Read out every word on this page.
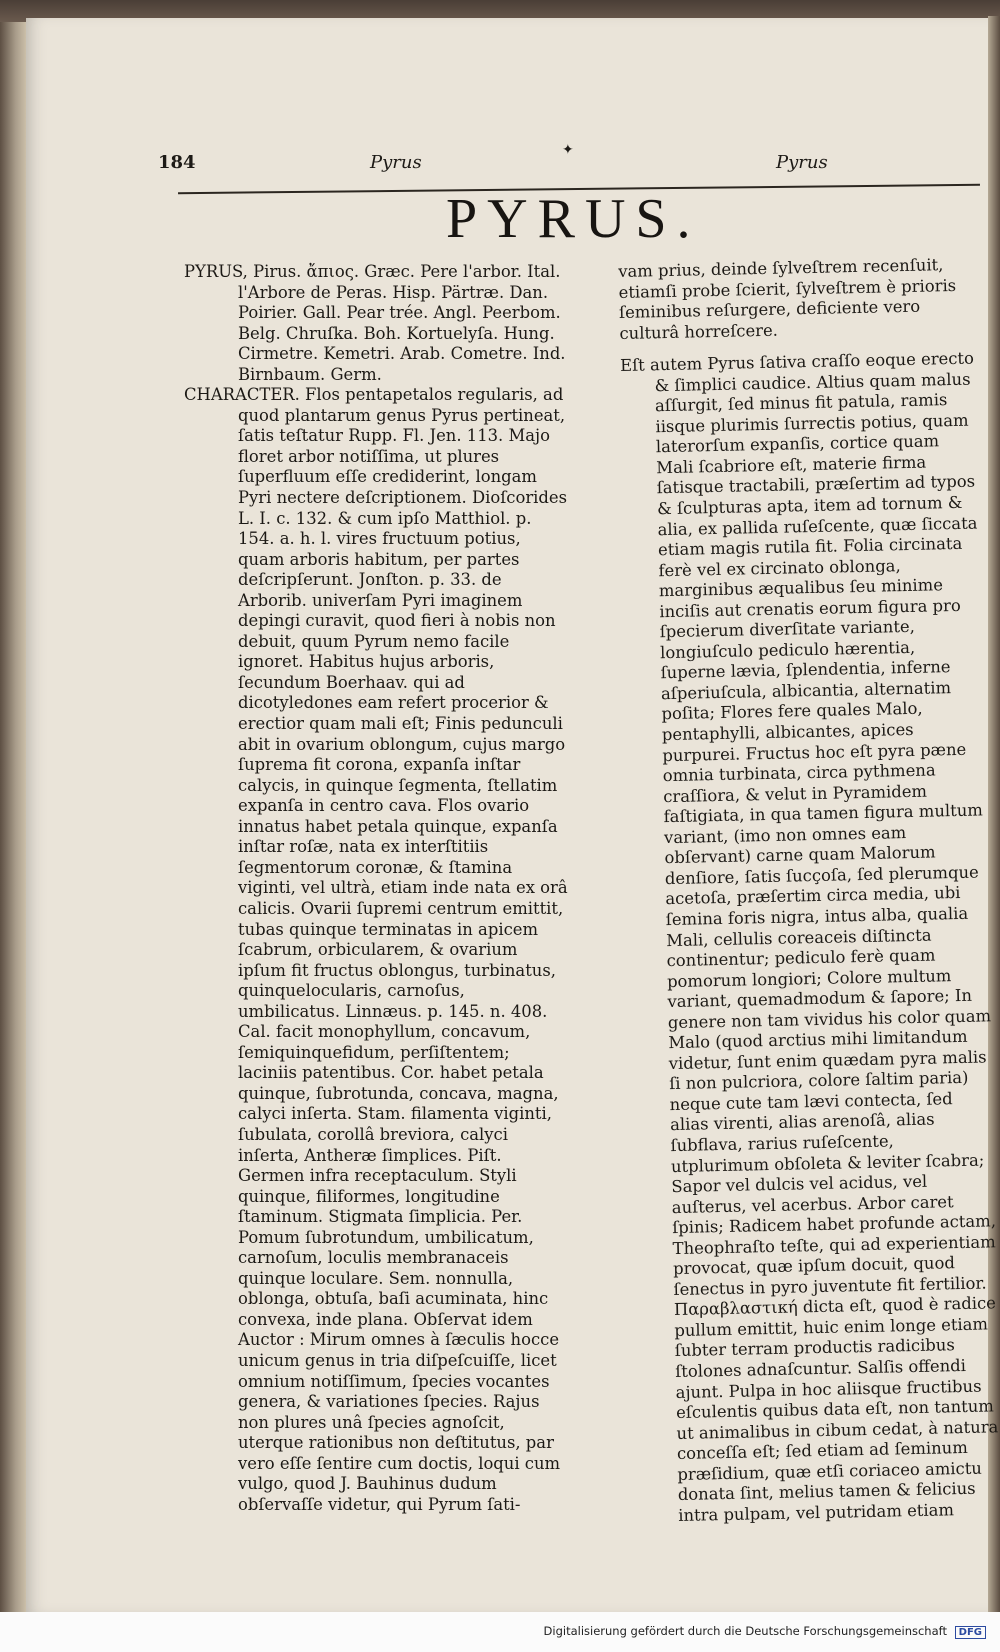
184	Pyrus
✦
Pyrus
PYRUS.

PYRUS, Pirus. ἄπιος. Græc. Pere l'arbor. Ital. l'Arbore de Peras. Hisp. Pärtræ. Dan. Poirier. Gall. Pear trée. Angl. Peerbom. Belg. Chruſka. Boh. Kortuelyſa. Hung. Cirmetre. Kemetri. Arab. Cometre. Ind. Birnbaum. Germ.

CHARACTER. Flos pentapetalos regularis, ad quod plantarum genus Pyrus pertineat, ſatis teſtatur Rupp. Fl. Jen. 113. Majo floret arbor notiſſima, ut plures ſuperfluum eſſe crediderint, longam Pyri nectere deſcriptionem. Dioſcorides L. I. c. 132. & cum ipſo Matthiol. p. 154. a. h. l. vires fructuum potius, quam arboris habitum, per partes deſcripſerunt. Jonſton. p. 33. de Arborib. univerſam Pyri imaginem depingi curavit, quod fieri à nobis non debuit, quum Pyrum nemo facile ignoret. Habitus hujus arboris, ſecundum Boerhaav. qui ad dicotyledones eam refert procerior & erectior quam mali eſt; Finis pedunculi abit in ovarium oblongum, cujus margo ſuprema fit corona, expanſa inſtar calycis, in quinque ſegmenta, ſtellatim expanſa in centro cava. Flos ovario innatus habet petala quinque, expanſa inſtar roſæ, nata ex interſtitiis ſegmentorum coronæ, & ſtamina viginti, vel ultrà, etiam inde nata ex orâ calicis. Ovarii ſupremi centrum emittit, tubas quinque terminatas in apicem ſcabrum, orbicularem, & ovarium ipſum fit fructus oblongus, turbinatus, quinquelocularis, carnoſus, umbilicatus. Linnæus. p. 145. n. 408. Cal. facit monophyllum, concavum, ſemiquinquefidum, perſiſtentem; laciniis patentibus. Cor. habet petala quinque, ſubrotunda, concava, magna, calyci inſerta. Stam. filamenta viginti, ſubulata, corollâ breviora, calyci inſerta, Antheræ ſimplices. Piſt. Germen infra receptaculum. Styli quinque, filiformes, longitudine ſtaminum. Stigmata ſimplicia. Per. Pomum ſubrotundum, umbilicatum, carnoſum, loculis membranaceis quinque loculare. Sem. nonnulla, oblonga, obtuſa, baſi acuminata, hinc convexa, inde plana. Obſervat idem Auctor : Mirum omnes à ſæculis hocce unicum genus in tria diſpeſcuiſſe, licet omnium notiſſimum, ſpecies vocantes genera, & variationes ſpecies. Rajus non plures unâ ſpecies agnoſcit, uterque rationibus non deſtitutus, par vero eſſe ſentire cum doctis, loqui cum vulgo, quod J. Bauhinus dudum obſervaſſe videtur, qui Pyrum ſati-

vam prius, deinde ſylveſtrem recenſuit, etiamſi probe ſcierit, ſylveſtrem è prioris ſeminibus reſurgere, deficiente vero culturâ horreſcere.

Eſt autem Pyrus ſativa craſſo eoque erecto & ſimplici caudice. Altius quam malus aſſurgit, ſed minus fit patula, ramis iisque plurimis ſurrectis potius, quam laterorſum expanſis, cortice quam Mali ſcabriore eſt, materie firma ſatisque tractabili, præſertim ad typos & ſculpturas apta, item ad tornum & alia, ex pallida ruſeſcente, quæ ſiccata etiam magis rutila fit. Folia circinata ferè vel ex circinato oblonga, marginibus æqualibus ſeu minime inciſis aut crenatis eorum figura pro ſpecierum diverſitate variante, longiuſculo pediculo hærentia, ſuperne lævia, ſplendentia, inferne aſperiuſcula, albicantia, alternatim poſita; Flores fere quales Malo, pentaphylli, albicantes, apices purpurei. Fructus hoc eſt pyra pæne omnia turbinata, circa pythmena craſſiora, & velut in Pyramidem faſtigiata, in qua tamen figura multum variant, (imo non omnes eam obſervant) carne quam Malorum denſiore, ſatis ſucçoſa, ſed plerumque acetoſa, præſertim circa media, ubi ſemina foris nigra, intus alba, qualia Mali, cellulis coreaceis diſtincta continentur; pediculo ferè quam pomorum longiori; Colore multum variant, quemadmodum & ſapore; In genere non tam vividus his color quam Malo (quod arctius mihi limitandum videtur, ſunt enim quædam pyra malis ſi non pulcriora, colore ſaltim paria) neque cute tam lævi contecta, ſed alias virenti, alias arenoſâ, alias ſubflava, rarius ruſeſcente, utplurimum obſoleta & leviter ſcabra; Sapor vel dulcis vel acidus, vel auſterus, vel acerbus. Arbor caret ſpinis; Radicem habet profunde actam, Theophraſto teſte, qui ad experientiam provocat, quæ ipſum docuit, quod ſenectus in pyro juventute fit fertilior. Παραβλαστική dicta eſt, quod è radice pullum emittit, huic enim longe etiam ſubter terram productis radicibus ſtolones adnaſcuntur. Salſis offendi ajunt. Pulpa in hoc aliisque fructibus eſculentis quibus data eſt, non tantum ut animalibus in cibum cedat, à natura conceſſa eſt; ſed etiam ad ſeminum præſidium, quæ etſi coriaceo amictu donata ſint, melius tamen & felicius intra pulpam, vel putridam etiam

Digitalisierung gefördert durch die Deutsche Forschungsgemeinschaft DFG
